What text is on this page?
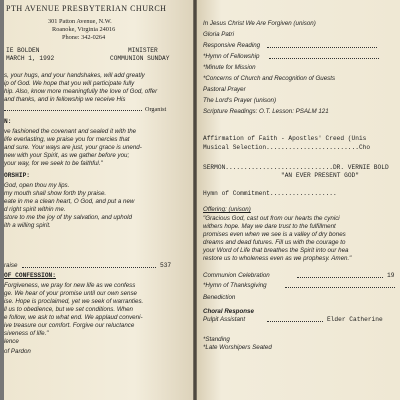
PTH AVENUE PRESBYTERIAN CHURCH
301 Patton Avenue, N.W.
Roanoke, Virginia 24016
Phone: 342-0264
IE BOLDEN	MINISTER
MARCH 1, 1992	COMMUNION SUNDAY
s, your hugs, and your handshakes, will add greatly
ip of God. We hope that you will participate fully
hip. Also, know more meaningfully the love of God, offer
and thanks, and in fellowship we receive His
Organist
N:
ve fashioned the covenant and sealed it with the
life everlasting, we praise you for mercies that
and sure. Your ways are just, your grace is unend-
new with your Spirit, as we gather before you;
your way, for we seek to be faithful."
ORSHIP:
God, open thou my lips.
my mouth shall show forth thy praise.
eate in me a clean heart, O God, and put a new
d right spirit within me.
store to me the joy of thy salvation, and uphold
ith a willing spirit.
raise	537
OF CONFESSION:
Forgiveness, we pray for new life as we confess
ge. We hear of your promise until our own sense
ise. Hope is proclaimed, yet we seek of warranties.
ll us to obedience, but we set conditions. When
e follow, we ask to what end. We applaud conveni-
ive treasure our comfort. Forgive our reluctance
siveness of life."
lence
of Pardon
In Jesus Christ We Are Forgiven (unison)
Gloria Patri
Responsive Reading
*Hymn of Fellowship
*Minute for Mission
*Concerns of Church and Recognition of Guests
Pastoral Prayer
The Lord's Prayer (unison)
Scripture Readings: O.T. Lesson: PSALM 121
Affirmation of Faith - Apostles' Creed (Unis
Musical Selection.........................Cho
SERMON.............................DR. VERNIE BOLD
"AN EVER PRESENT GOD"
Hymn of Commitment..................
Offering: (unison)
"Gracious God, cast out from our hearts the cynici
withers hope. May we dare trust to the fulfillment
promises even when we see is a valley of dry bones
dreams and dead futures. Fill us with the courage to
your Word of Life that breathes the Spirit into our hea
restore us to wholeness even as we prophesy. Amen."
Communion Celebration	19
*Hymn of Thanksgiving
Benediction
Choral Response
Pulpit Assistant	Elder Catherine
*Standing
*Late Worshipers Seated
